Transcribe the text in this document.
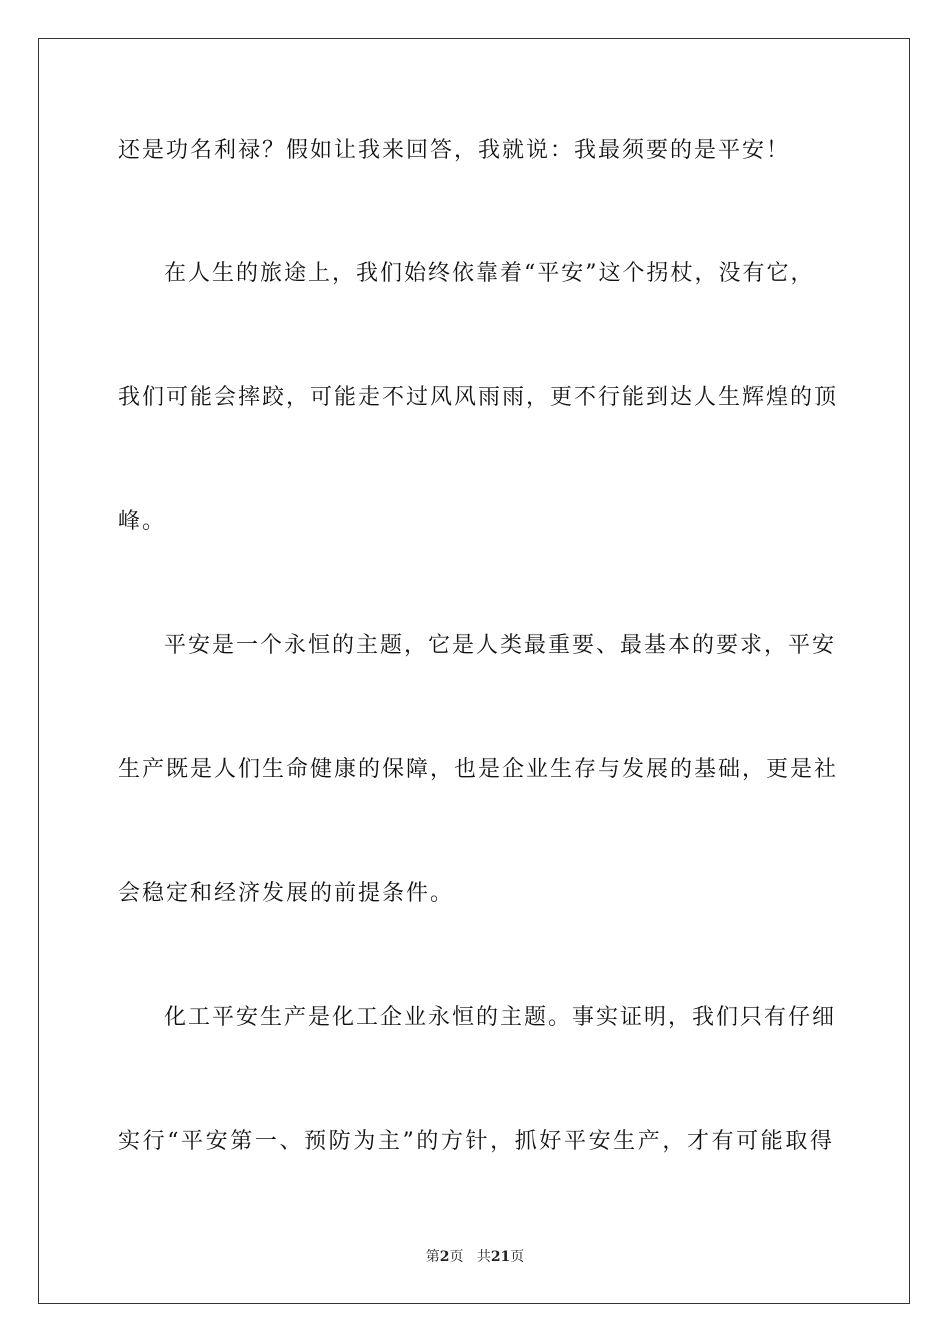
还是功名利禄？假如让我来回答，我就说：我最须要的是平安！
在人生的旅途上，我们始终依靠着“平安”这个拐杖，没有它，
我们可能会摔跤，可能走不过风风雨雨，更不行能到达人生辉煌的顶
峰。
平安是一个永恒的主题，它是人类最重要、最基本的要求，平安
生产既是人们生命健康的保障，也是企业生存与发展的基础，更是社
会稳定和经济发展的前提条件。
化工平安生产是化工企业永恒的主题。事实证明，我们只有仔细
实行“平安第一、预防为主”的方针，抓好平安生产，才有可能取得
第2页 共21页
